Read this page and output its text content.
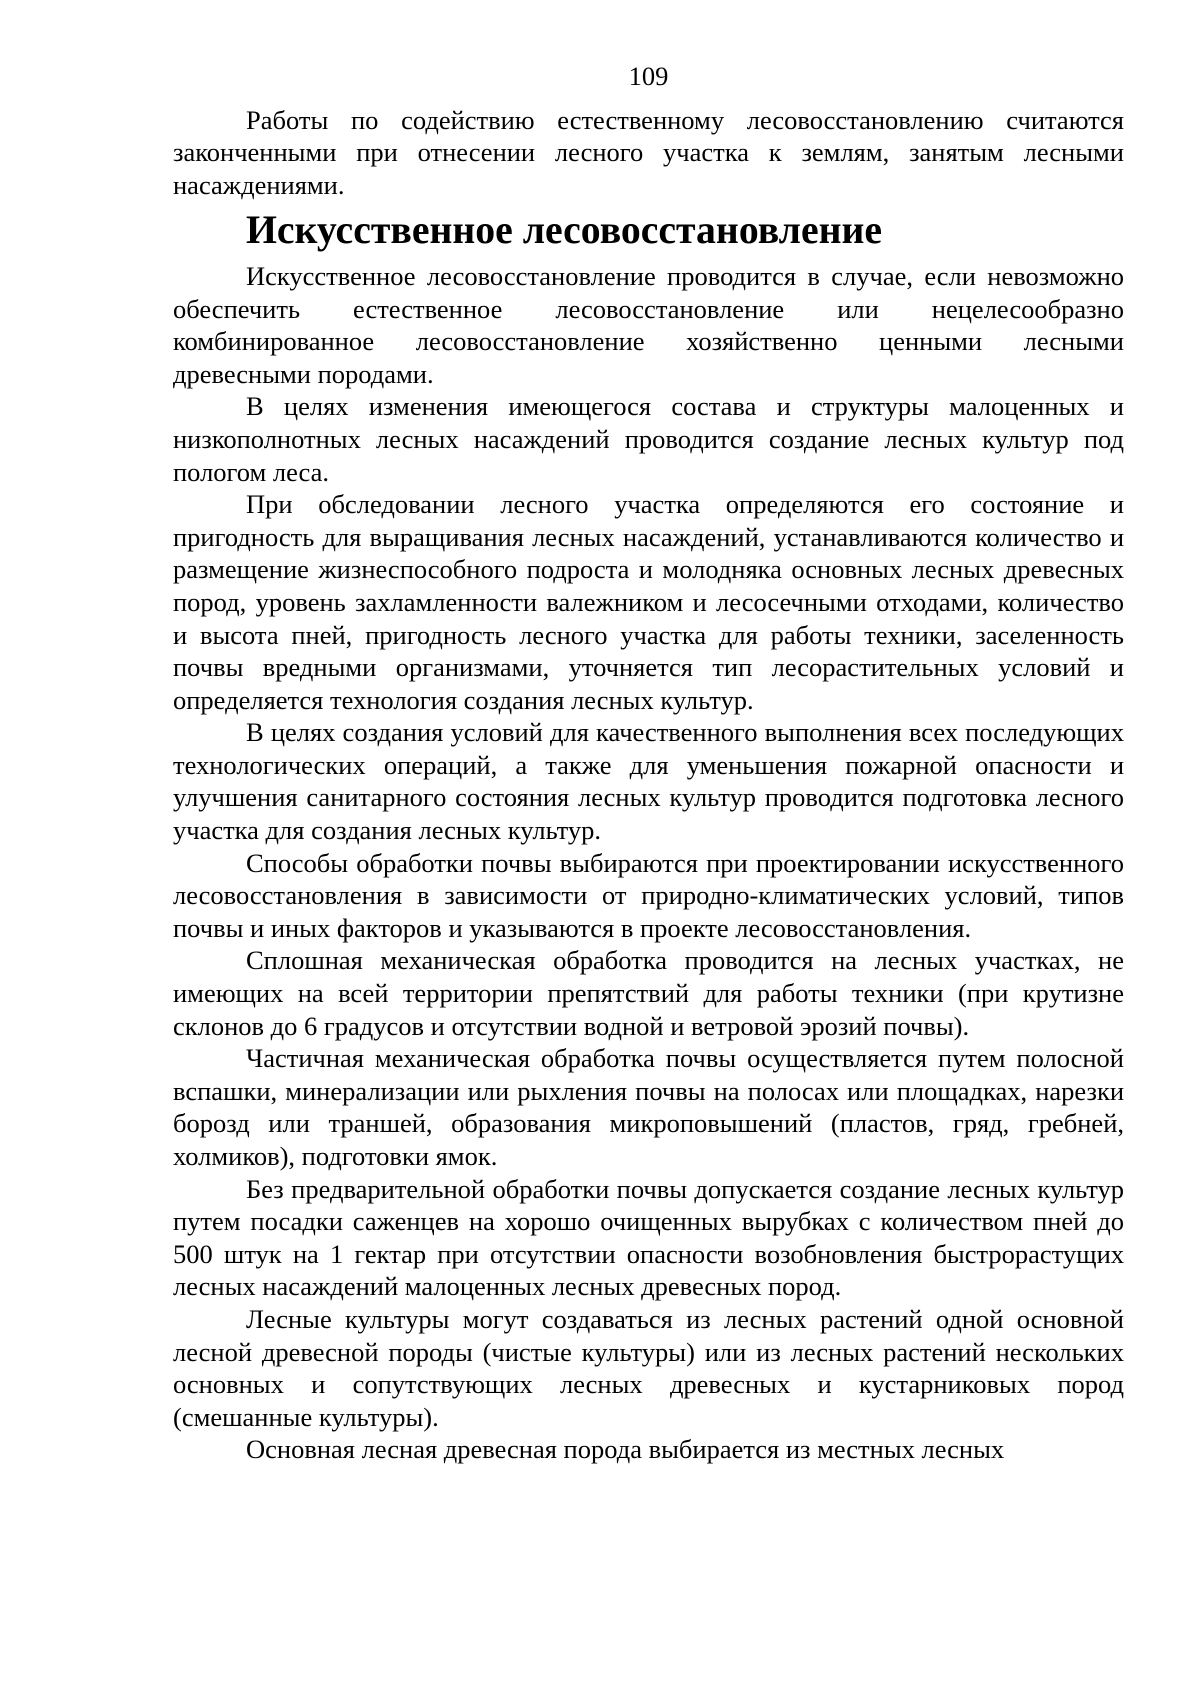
109

Работы по содействию естественному лесовосстановлению считаются законченными при отнесении лесного участка к землям, занятым лесными насаждениями.

Искусственное лесовосстановление

Искусственное лесовосстановление проводится в случае, если невозможно обеспечить естественное лесовосстановление или нецелесообразно комбинированное лесовосстановление хозяйственно ценными лесными древесными породами.

В целях изменения имеющегося состава и структуры малоценных и низкополнотных лесных насаждений проводится создание лесных культур под пологом леса.

При обследовании лесного участка определяются его состояние и пригодность для выращивания лесных насаждений, устанавливаются количество и размещение жизнеспособного подроста и молодняка основных лесных древесных пород, уровень захламленности валежником и лесосечными отходами, количество и высота пней, пригодность лесного участка для работы техники, заселенность почвы вредными организмами, уточняется тип лесорастительных условий и определяется технология создания лесных культур.

В целях создания условий для качественного выполнения всех последующих технологических операций, а также для уменьшения пожарной опасности и улучшения санитарного состояния лесных культур проводится подготовка лесного участка для создания лесных культур.

Способы обработки почвы выбираются при проектировании искусственного лесовосстановления в зависимости от природно-климатических условий, типов почвы и иных факторов и указываются в проекте лесовосстановления.

Сплошная механическая обработка проводится на лесных участках, не имеющих на всей территории препятствий для работы техники (при крутизне склонов до 6 градусов и отсутствии водной и ветровой эрозий почвы).

Частичная механическая обработка почвы осуществляется путем полосной вспашки, минерализации или рыхления почвы на полосах или площадках, нарезки борозд или траншей, образования микроповышений (пластов, гряд, гребней, холмиков), подготовки ямок.

Без предварительной обработки почвы допускается создание лесных культур путем посадки саженцев на хорошо очищенных вырубках с количеством пней до 500 штук на 1 гектар при отсутствии опасности возобновления быстрорастущих лесных насаждений малоценных лесных древесных пород.

Лесные культуры могут создаваться из лесных растений одной основной лесной древесной породы (чистые культуры) или из лесных растений нескольких основных и сопутствующих лесных древесных и кустарниковых пород (смешанные культуры).

Основная лесная древесная порода выбирается из местных лесных
